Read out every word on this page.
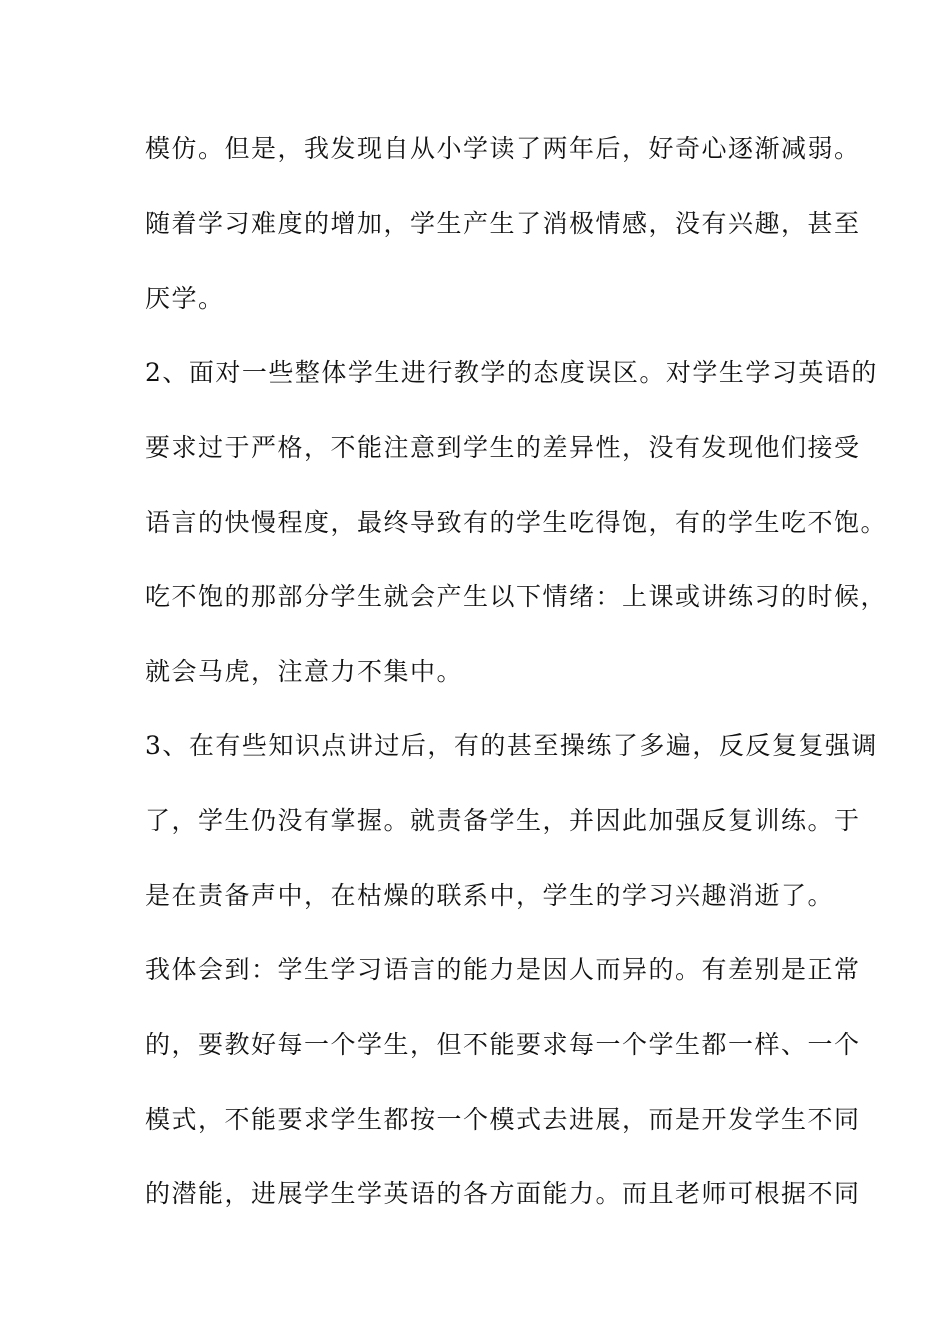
模仿。但是，我发现自从小学读了两年后，好奇心逐渐减弱。
随着学习难度的增加，学生产生了消极情感，没有兴趣，甚至
厌学。
2、面对一些整体学生进行教学的态度误区。对学生学习英语的
要求过于严格，不能注意到学生的差异性，没有发现他们接受
语言的快慢程度，最终导致有的学生吃得饱，有的学生吃不饱。
吃不饱的那部分学生就会产生以下情绪：上课或讲练习的时候，
就会马虎，注意力不集中。
3、在有些知识点讲过后，有的甚至操练了多遍，反反复复强调
了，学生仍没有掌握。就责备学生，并因此加强反复训练。于
是在责备声中，在枯燥的联系中，学生的学习兴趣消逝了。
我体会到：学生学习语言的能力是因人而异的。有差别是正常
的，要教好每一个学生，但不能要求每一个学生都一样、一个
模式，不能要求学生都按一个模式去进展，而是开发学生不同
的潜能，进展学生学英语的各方面能力。而且老师可根据不同
